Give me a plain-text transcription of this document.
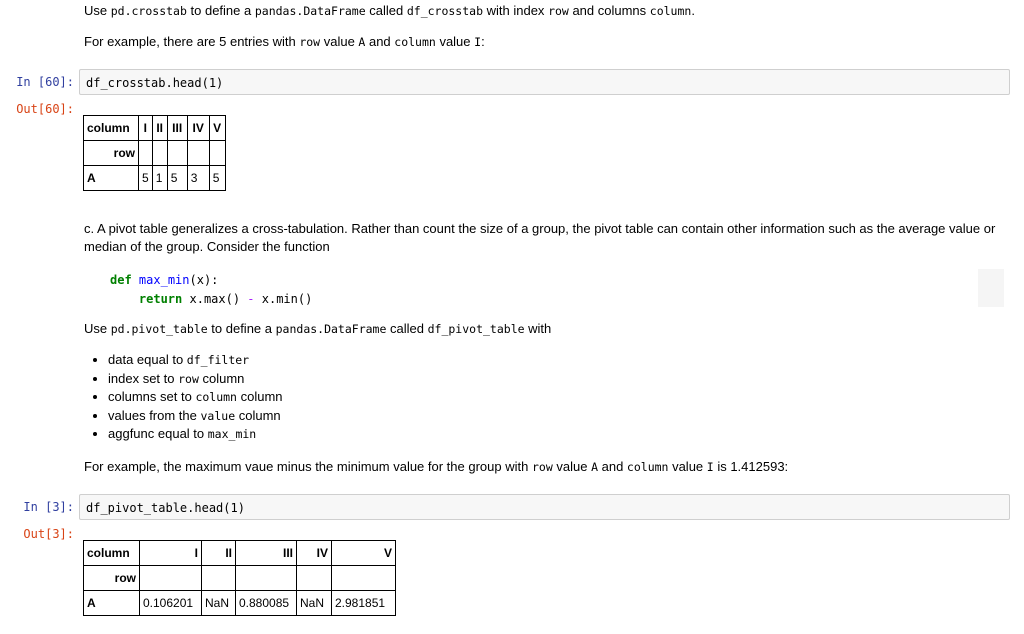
Use pd.crosstab to define a pandas.DataFrame called df_crosstab with index row and columns column.
For example, there are 5 entries with row value A and column value I:
In [60]: df_crosstab.head(1)
Out[60]:
column	I	II	III	IV	V
row					
A	5	1	5	3	5
c. A pivot table generalizes a cross-tabulation. Rather than count the size of a group, the pivot table can contain other information such as the average value or
median of the group. Consider the function
def max_min(x):
return x.max() - x.min()
Use pd.pivot_table to define a pandas.DataFrame called df_pivot_table with
• data equal to df_filter
• index set to row column
• columns set to column column
• values from the value column
• aggfunc equal to max_min
For example, the maximum vaue minus the minimum value for the group with row value A and column value I is 1.412593:
In [3]: df_pivot_table.head(1)
Out[3]:
column	I	II	III	IV	V
row					
A	0.106201	NaN	0.880085	NaN	2.981851
